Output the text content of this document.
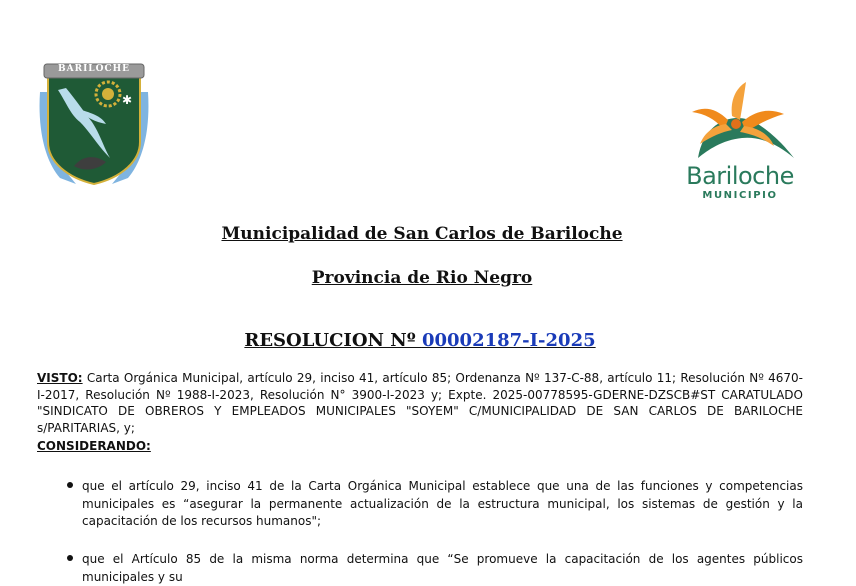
✱
BARILOCHE
Bariloche
MUNICIPIO
Municipalidad de San Carlos de Bariloche
Provincia de Rio Negro
RESOLUCION Nº 00002187-I-2025
VISTO: Carta Orgánica Municipal, artículo 29, inciso 41, artículo 85; Ordenanza Nº 137-C-88, artículo 11; Resolución Nº 4670-I-2017, Resolución Nº 1988-I-2023, Resolución N° 3900-I-2023 y; Expte. 2025-00778595-GDERNE-DZSCB#ST CARATULADO "SINDICATO DE OBREROS Y EMPLEADOS MUNICIPALES "SOYEM" C/MUNICIPALIDAD DE SAN CARLOS DE BARILOCHE s/PARITARIAS, y;
CONSIDERANDO:
que el artículo 29, inciso 41 de la Carta Orgánica Municipal establece que una de las funciones y competencias municipales es “asegurar la permanente actualización de la estructura municipal, los sistemas de gestión y la capacitación de los recursos humanos";
que el Artículo 85 de la misma norma determina que “Se promueve la capacitación de los agentes públicos municipales y su
